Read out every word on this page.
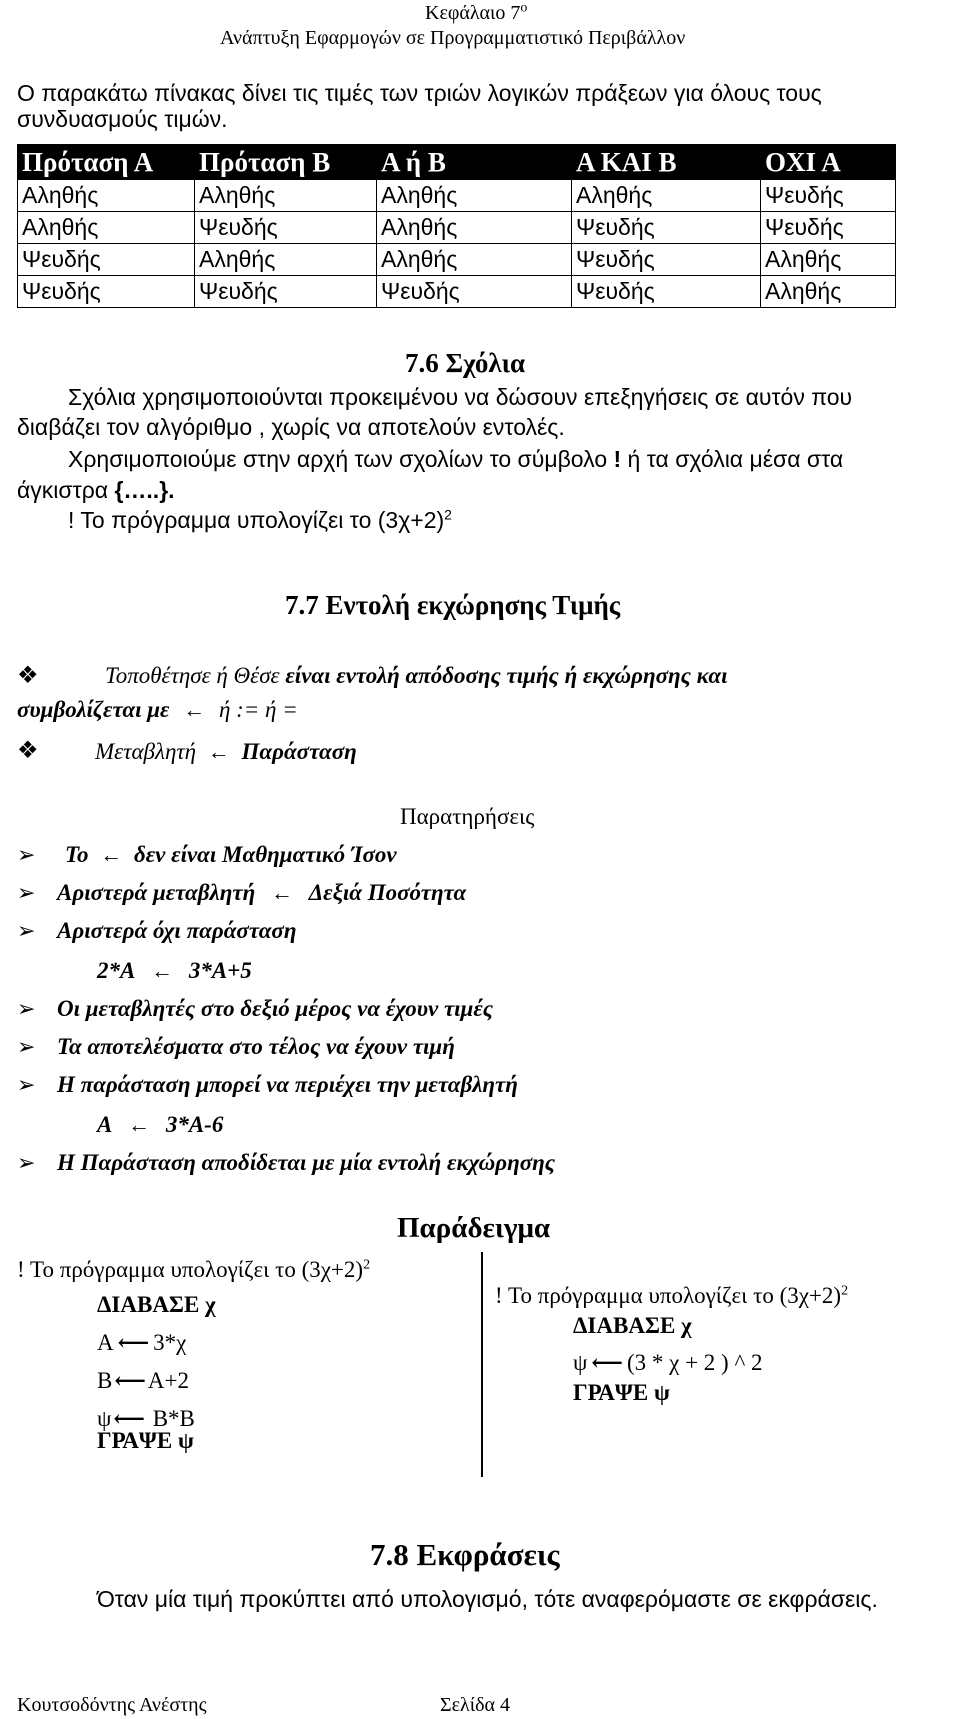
Κεφάλαιο $7^o$
Ανάπτυξη Εφαρμογών σε Προγραμματιστικό Περιβάλλον
Ο παρακάτω πίνακας δίνει τις τιμές των τριών λογικών πράξεων για όλους τους
συνδυασμούς τιμών.
Πρόταση Α	Πρόταση Β	Α ή Β	Α ΚΑΙ Β	ΟΧΙ Α
Αληθής	Αληθής	Αληθής	Αληθής	Ψευδής
Αληθής	Ψευδής	Αληθής	Ψευδής	Ψευδής
Ψευδής	Αληθής	Αληθής	Ψευδής	Αληθής
Ψευδής	Ψευδής	Ψευδής	Ψευδής	Αληθής
7.6 Σχόλια
Σχόλια χρησιμοποιούνται προκειμένου να δώσουν επεξηγήσεις σε αυτόν που
διαβάζει τον αλγόριθμο , χωρίς να αποτελούν εντολές.
Χρησιμοποιούμε στην αρχή των σχολίων το σύμβολο ! ή τα σχόλια μέσα στα
άγκιστρα {…..}.
! Το πρόγραμμα υπολογίζει το $(3\chi+2)^2$
7.7 Εντολή εκχώρησης Τιμής
❖	Τοποθέτησε ή Θέσε είναι εντολή απόδοσης τιμής ή εκχώρησης και
συμβολίζεται με ← ή := ή =
❖ Μεταβλητή ← Παράσταση
Παρατηρήσεις
➢ Το ← δεν είναι Μαθηματικό Ίσον
➢ Αριστερά μεταβλητή ← Δεξιά Ποσότητα
➢ Αριστερά όχι παράσταση
2*Α ← 3*Α+5
➢ Οι μεταβλητές στο δεξιό μέρος να έχουν τιμές
➢ Τα αποτελέσματα στο τέλος να έχουν τιμή
➢ Η παράσταση μπορεί να περιέχει την μεταβλητή
Α ← 3*Α-6
➢ Η Παράσταση αποδίδεται με μία εντολή εκχώρησης
Παράδειγμα
! Το πρόγραμμα υπολογίζει το $(3\chi+2)^2$
ΔΙΑΒΑΣΕ χ
Α ⟵ 3*χ
Β⟵Α+2
ψ⟵ Β*Β
ΓΡΑΨΕ ψ
! Το πρόγραμμα υπολογίζει το $(3\chi+2)^2$
ΔΙΑΒΑΣΕ χ
ψ ⟵ (3 * χ + 2 ) ^ 2
ΓΡΑΨΕ ψ
7.8 Εκφράσεις
Όταν μία τιμή προκύπτει από υπολογισμό, τότε αναφερόμαστε σε εκφράσεις.
Κουτσοδόντης Ανέστης	Σελίδα 4
